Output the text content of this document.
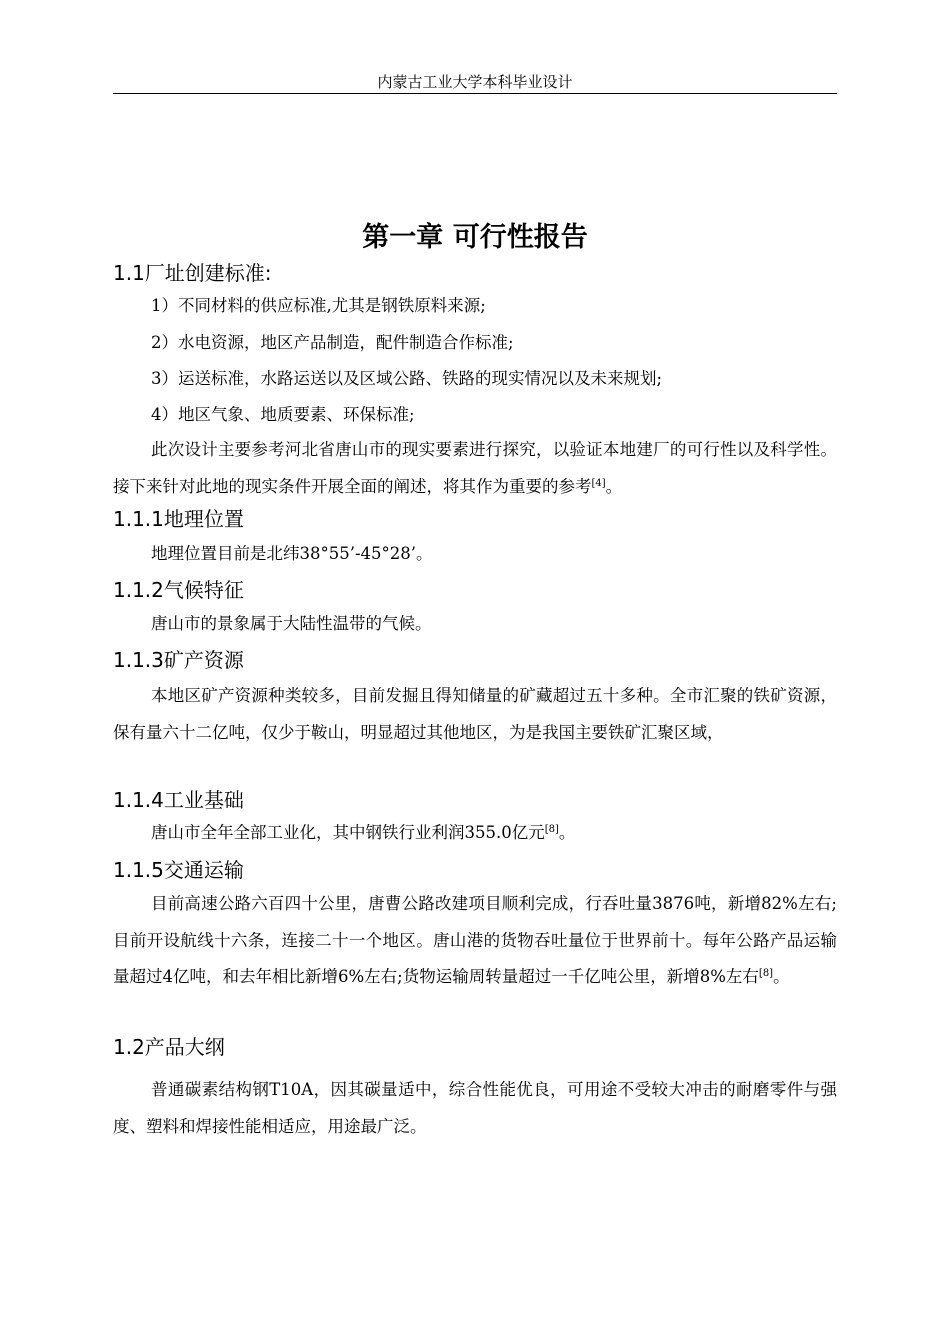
内蒙古工业大学本科毕业设计
第一章 可行性报告
1.1厂址创建标准:
1）不同材料的供应标准,尤其是钢铁原料来源;
2）水电资源，地区产品制造，配件制造合作标准;
3）运送标准，水路运送以及区域公路、铁路的现实情况以及未来规划;
4）地区气象、地质要素、环保标准;
此次设计主要参考河北省唐山市的现实要素进行探究，以验证本地建厂的可行性以及科学性。接下来针对此地的现实条件开展全面的阐述，将其作为重要的参考[4]。
1.1.1地理位置
地理位置目前是北纬38°55’-45°28’。
1.1.2气候特征
唐山市的景象属于大陆性温带的气候。
1.1.3矿产资源
本地区矿产资源种类较多，目前发掘且得知储量的矿藏超过五十多种。全市汇聚的铁矿资源，保有量六十二亿吨，仅少于鞍山，明显超过其他地区，为是我国主要铁矿汇聚区域，
1.1.4工业基础
唐山市全年全部工业化，其中钢铁行业利润355.0亿元[8]。
1.1.5交通运输
目前高速公路六百四十公里，唐曹公路改建项目顺利完成，行吞吐量3876吨，新增82%左右;目前开设航线十六条，连接二十一个地区。唐山港的货物吞吐量位于世界前十。每年公路产品运输量超过4亿吨，和去年相比新增6%左右;货物运输周转量超过一千亿吨公里，新增8%左右[8]。
1.2产品大纲
普通碳素结构钢T10A，因其碳量适中，综合性能优良，可用途不受较大冲击的耐磨零件与强度、塑料和焊接性能相适应，用途最广泛。
